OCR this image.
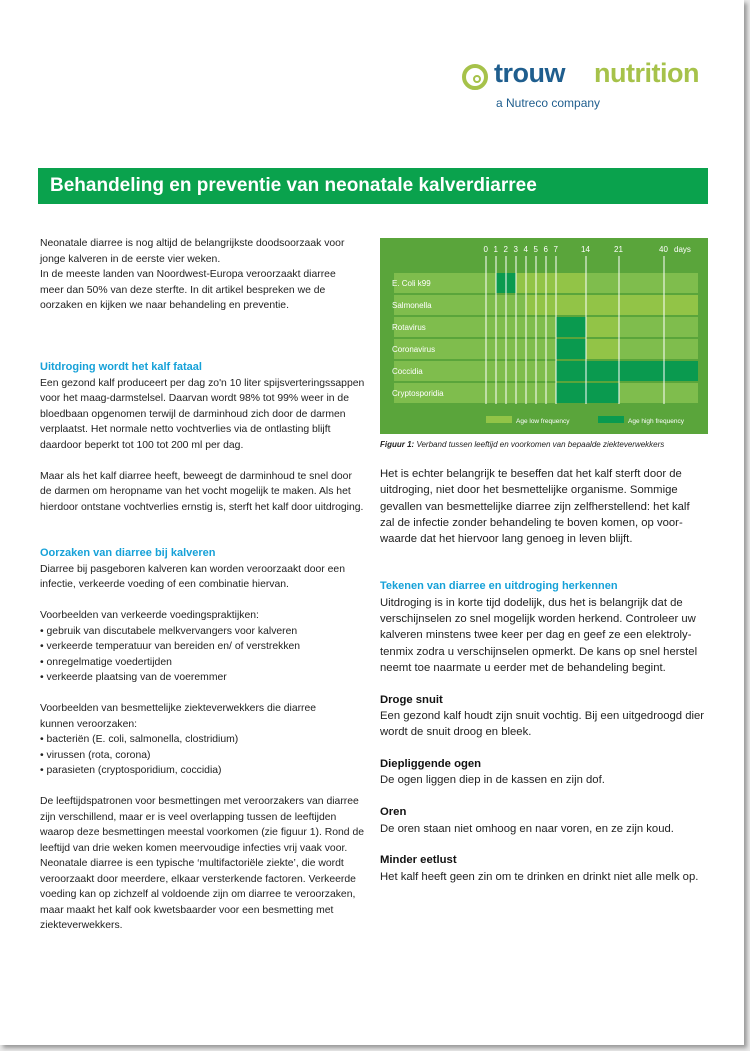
trouw nutrition
a Nutreco company
Behandeling en preventie van neonatale kalverdiarree

Neonatale diarree is nog altijd de belangrijkste doodsoorzaak voor

jonge kalveren in de eerste vier weken.

In de meeste landen van Noordwest-Europa veroorzaakt diarree

meer dan 50% van deze sterfte. In dit artikel bespreken we de

oorzaken en kijken we naar behandeling en preventie.

Uitdroging wordt het kalf fataal

Een gezond kalf produceert per dag zo'n 10 liter spijsverteringssappen

voor het maag-darmstelsel. Daarvan wordt 98% tot 99% weer in de

bloedbaan opgenomen terwijl de darminhoud zich door de darmen

verplaatst. Het normale netto vochtverlies via de ontlasting blijft

daardoor beperkt tot 100 tot 200 ml per dag.

Maar als het kalf diarree heeft, beweegt de darminhoud te snel door

de darmen om heropname van het vocht mogelijk te maken. Als het

hierdoor ontstane vochtverlies ernstig is, sterft het kalf door uitdroging.

Oorzaken van diarree bij kalveren

Diarree bij pasgeboren kalveren kan worden veroorzaakt door een

infectie, verkeerde voeding of een combinatie hiervan.

Voorbeelden van verkeerde voedingspraktijken:

• gebruik van discutabele melkvervangers voor kalveren

• verkeerde temperatuur van bereiden en/ of verstrekken

• onregelmatige voedertijden

• verkeerde plaatsing van de voeremmer

Voorbeelden van besmettelijke ziekteverwekkers die diarree

kunnen veroorzaken:

• bacteriën (E. coli, salmonella, clostridium)

• virussen (rota, corona)

• parasieten (cryptosporidium, coccidia)

De leeftijdspatronen voor besmettingen met veroorzakers van diarree

zijn verschillend, maar er is veel overlapping tussen de leeftijden

waarop deze besmettingen meestal voorkomen (zie figuur 1). Rond de

leeftijd van drie weken komen meervoudige infecties vrij vaak voor.

Neonatale diarree is een typische ‘multifactoriële ziekte’, die wordt

veroorzaakt door meerdere, elkaar versterkende factoren. Verkeerde

voeding kan op zichzelf al voldoende zijn om diarree te veroorzaken,

maar maakt het kalf ook kwetsbaarder voor een besmetting met

ziekteverwekkers.

Het is echter belangrijk te beseffen dat het kalf sterft door de

uitdroging, niet door het besmettelijke organisme. Sommige

gevallen van besmettelijke diarree zijn zelfherstellend: het kalf

zal de infectie zonder behandeling te boven komen, op voor-

waarde dat het hiervoor lang genoeg in leven blijft.

Tekenen van diarree en uitdroging herkennen

Uitdroging is in korte tijd dodelijk, dus het is belangrijk dat de

verschijnselen zo snel mogelijk worden herkend. Controleer uw

kalveren minstens twee keer per dag en geef ze een elektroly-

tenmix zodra u verschijnselen opmerkt. De kans op snel herstel

neemt toe naarmate u eerder met de behandeling begint.

Droge snuit

Een gezond kalf houdt zijn snuit vochtig. Bij een uitgedroogd dier

wordt de snuit droog en bleek.

Diepliggende ogen

De ogen liggen diep in de kassen en zijn dof.

Oren

De oren staan niet omhoog en naar voren, en ze zijn koud.

Minder eetlust

Het kalf heeft geen zin om te drinken en drinkt niet alle melk op.

E. Coli k99
Salmonella
Rotavirus
Coronavirus
Coccidia
Cryptosporidia
0 1 2 3 4 5 6 7	14	21	40 days
Age low frequency	Age high frequency
Figuur 1: Verband tussen leeftijd en voorkomen van bepaalde ziekteverwekkers
